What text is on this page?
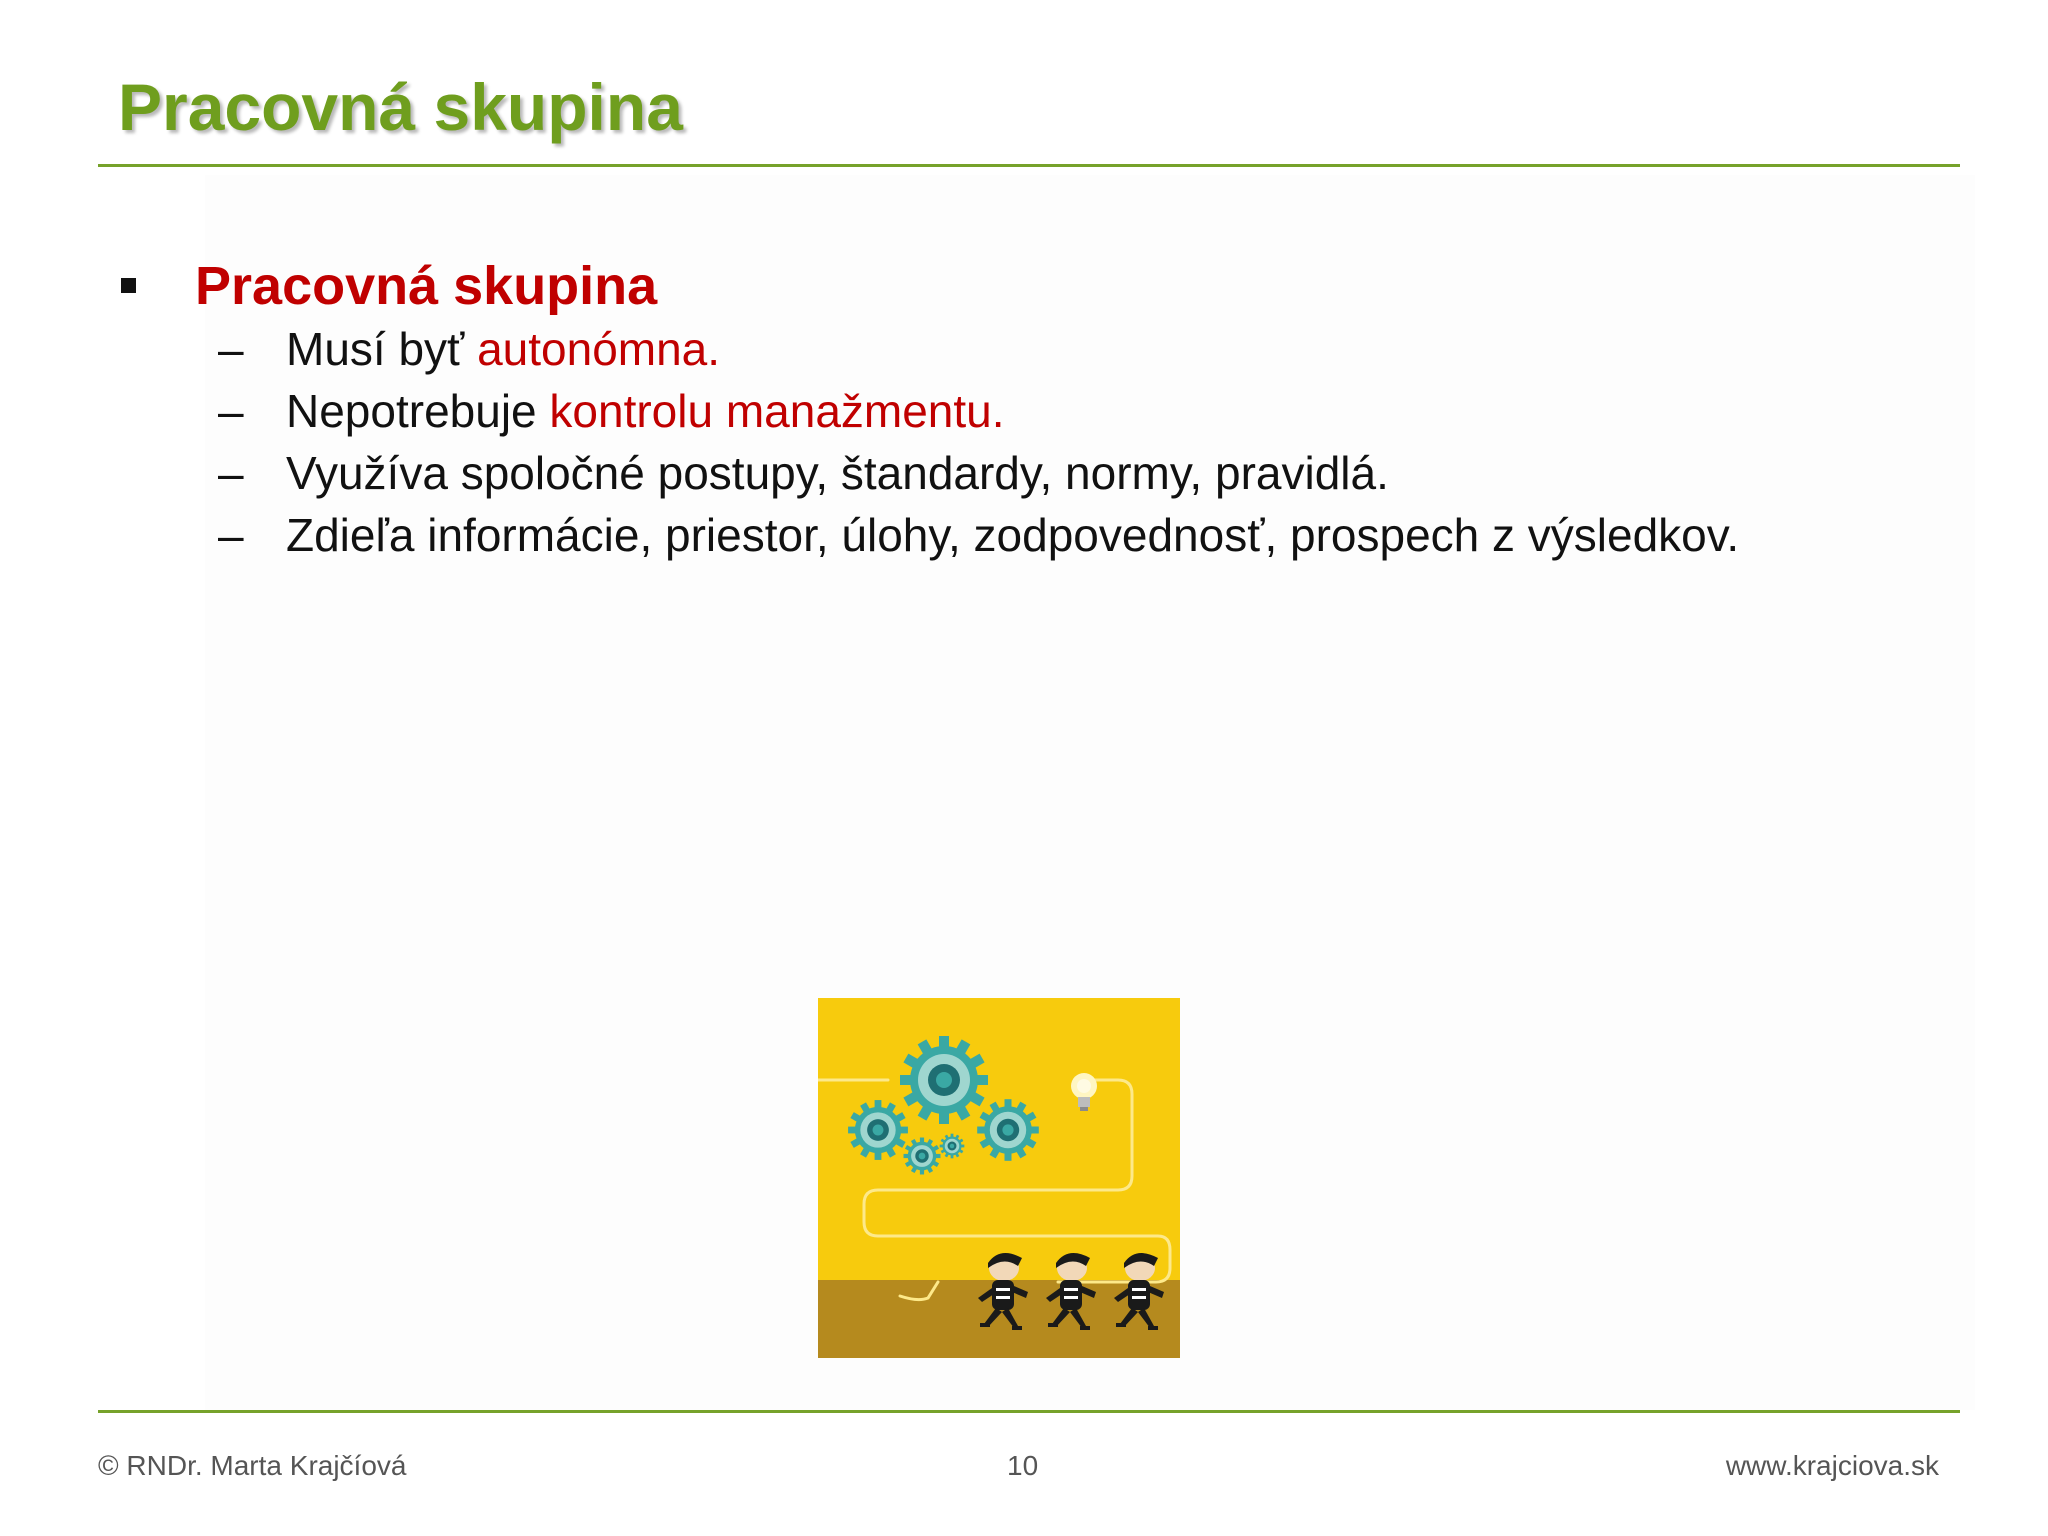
Pracovná skupina
Pracovná skupina
– Musí byť autonómna.
– Nepotrebuje kontrolu manažmentu.
– Využíva spoločné postupy, štandardy, normy, pravidlá.
– Zdieľa informácie, priestor, úlohy, zodpovednosť, prospech z výsledkov.
© RNDr. Marta Krajčíová	10	www.krajciova.sk
